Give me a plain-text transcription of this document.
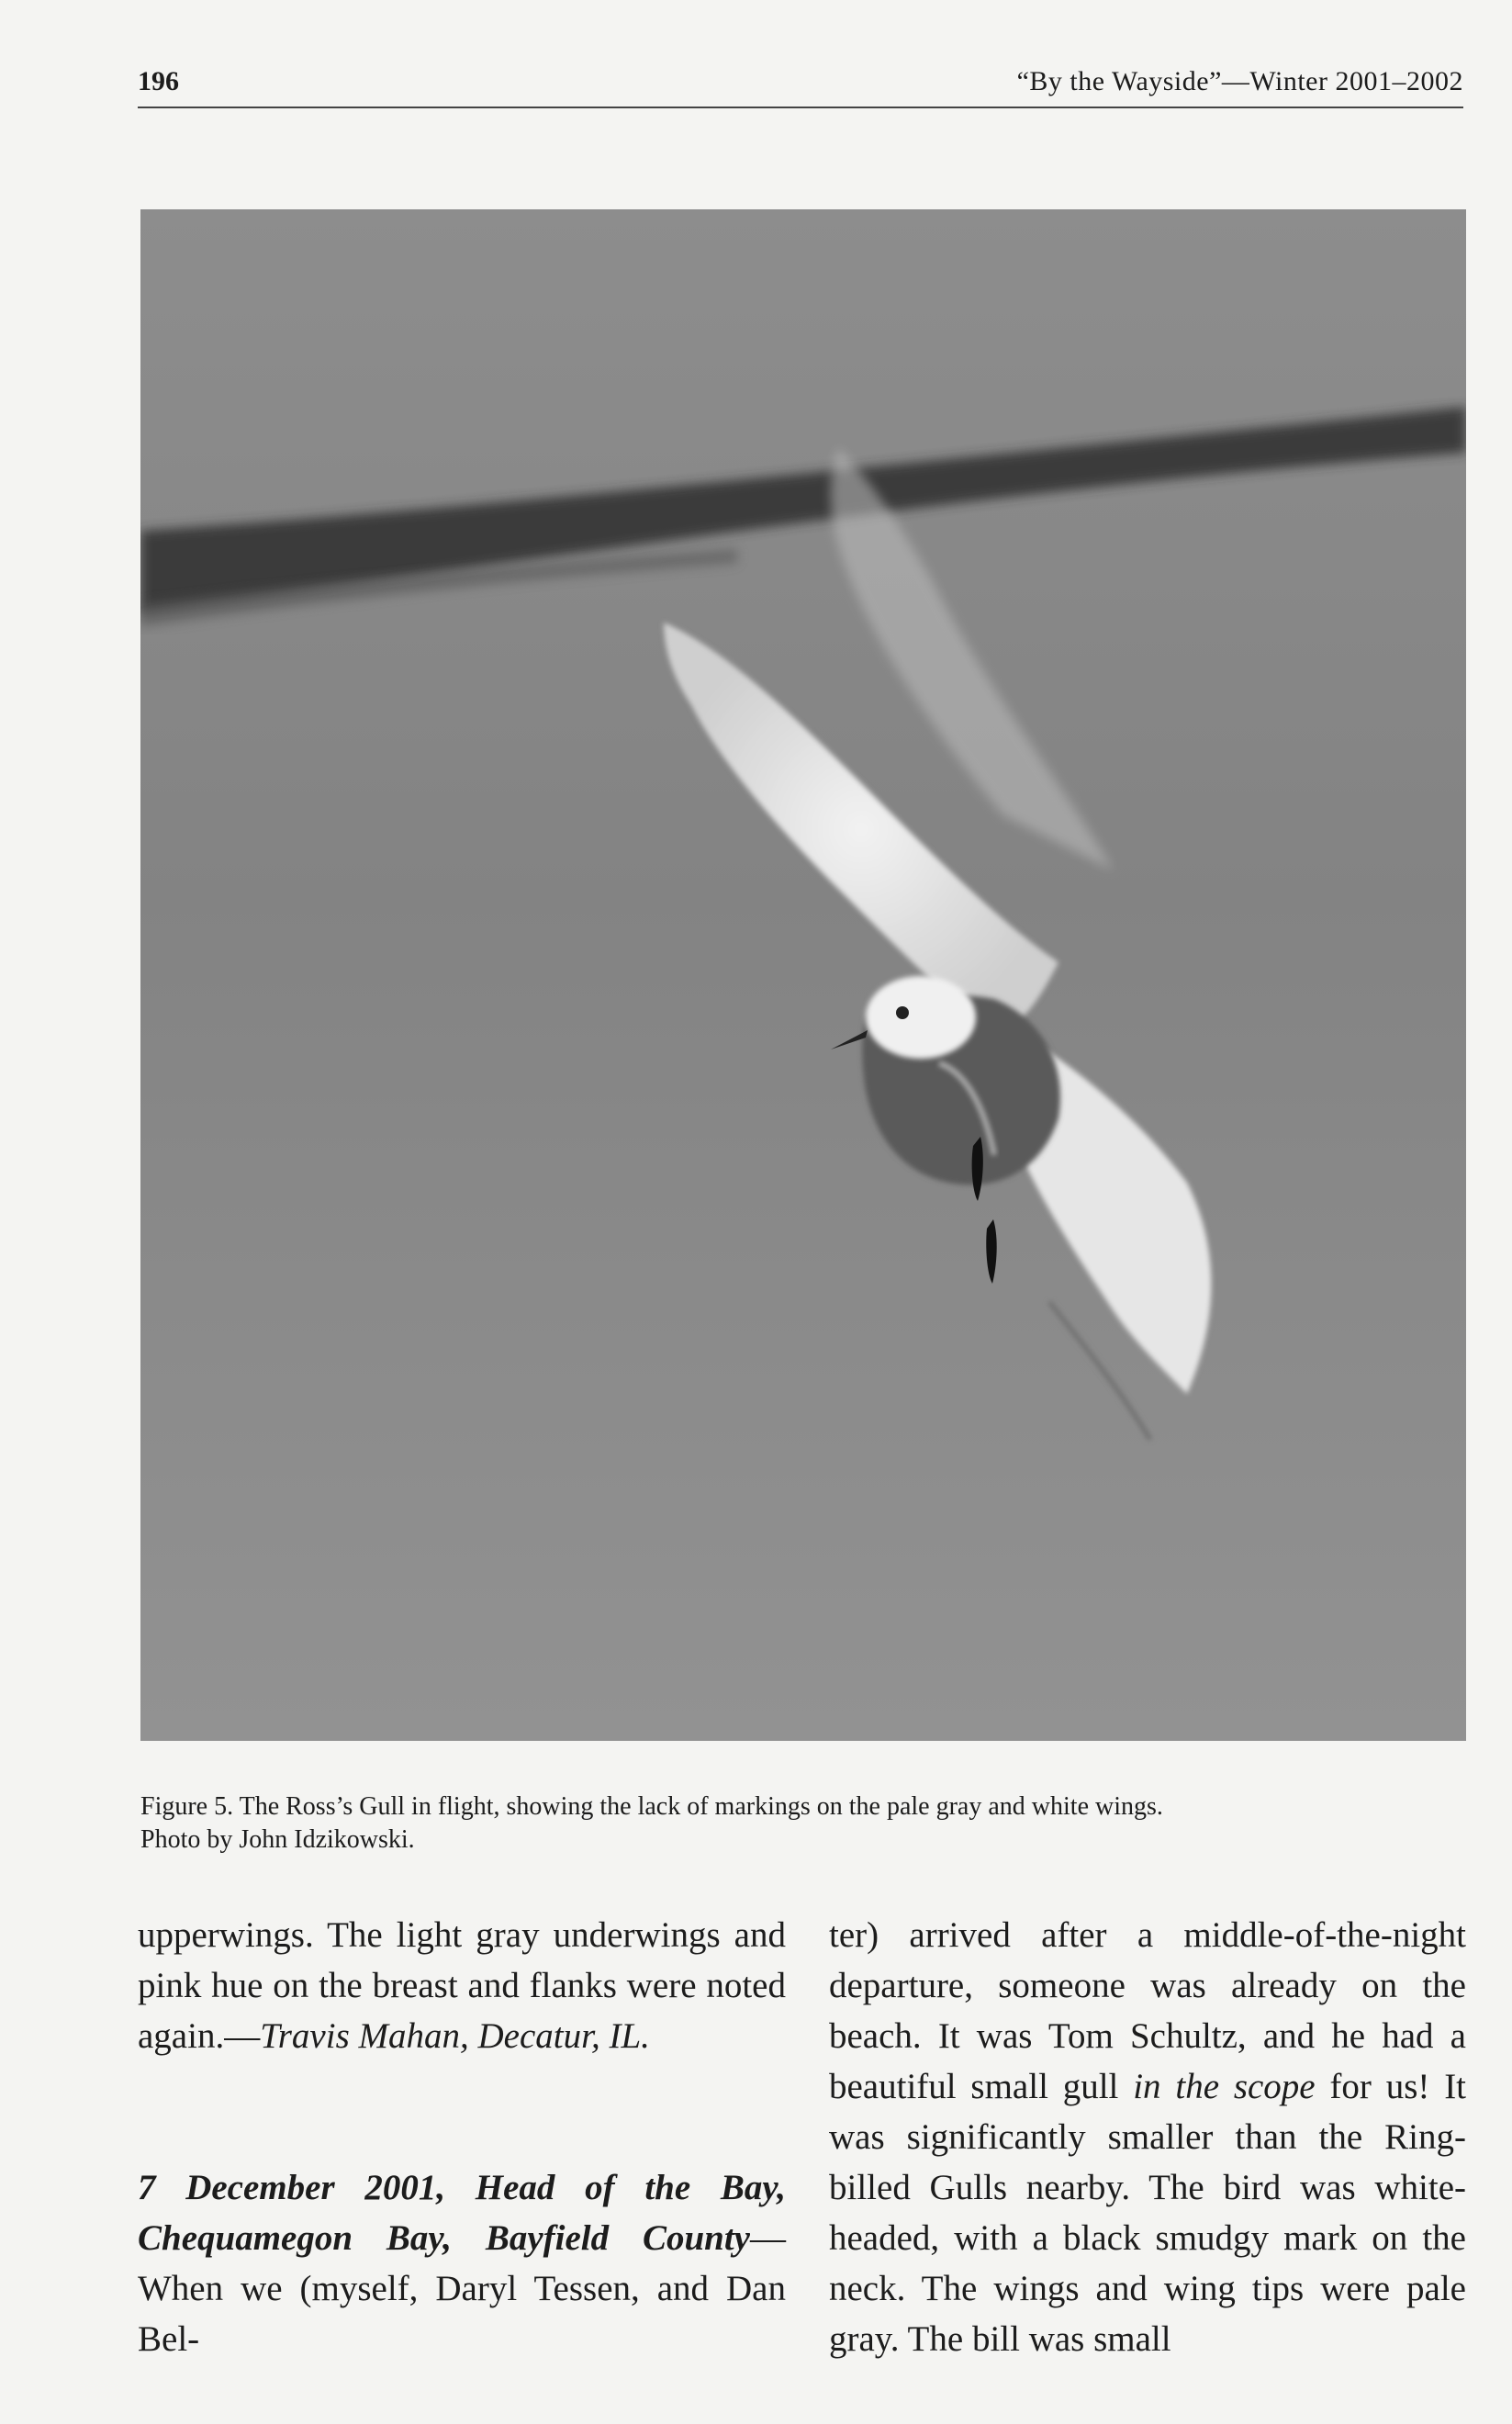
196	“By the Wayside”—Winter 2001–2002

Figure 5. The Ross’s Gull in flight, showing the lack of markings on the pale gray and white wings.

Photo by John Idzikowski.

upperwings. The light gray underwings and pink hue on the breast and flanks were noted again.—Travis Mahan, Decatur, IL.

7 December 2001, Head of the Bay, Chequamegon Bay, Bayfield County—When we (myself, Daryl Tessen, and Dan Bel-

ter) arrived after a middle-of-the-night departure, someone was already on the beach. It was Tom Schultz, and he had a beautiful small gull in the scope for us! It was significantly smaller than the Ring-billed Gulls nearby. The bird was white-headed, with a black smudgy mark on the neck. The wings and wing tips were pale gray. The bill was small
